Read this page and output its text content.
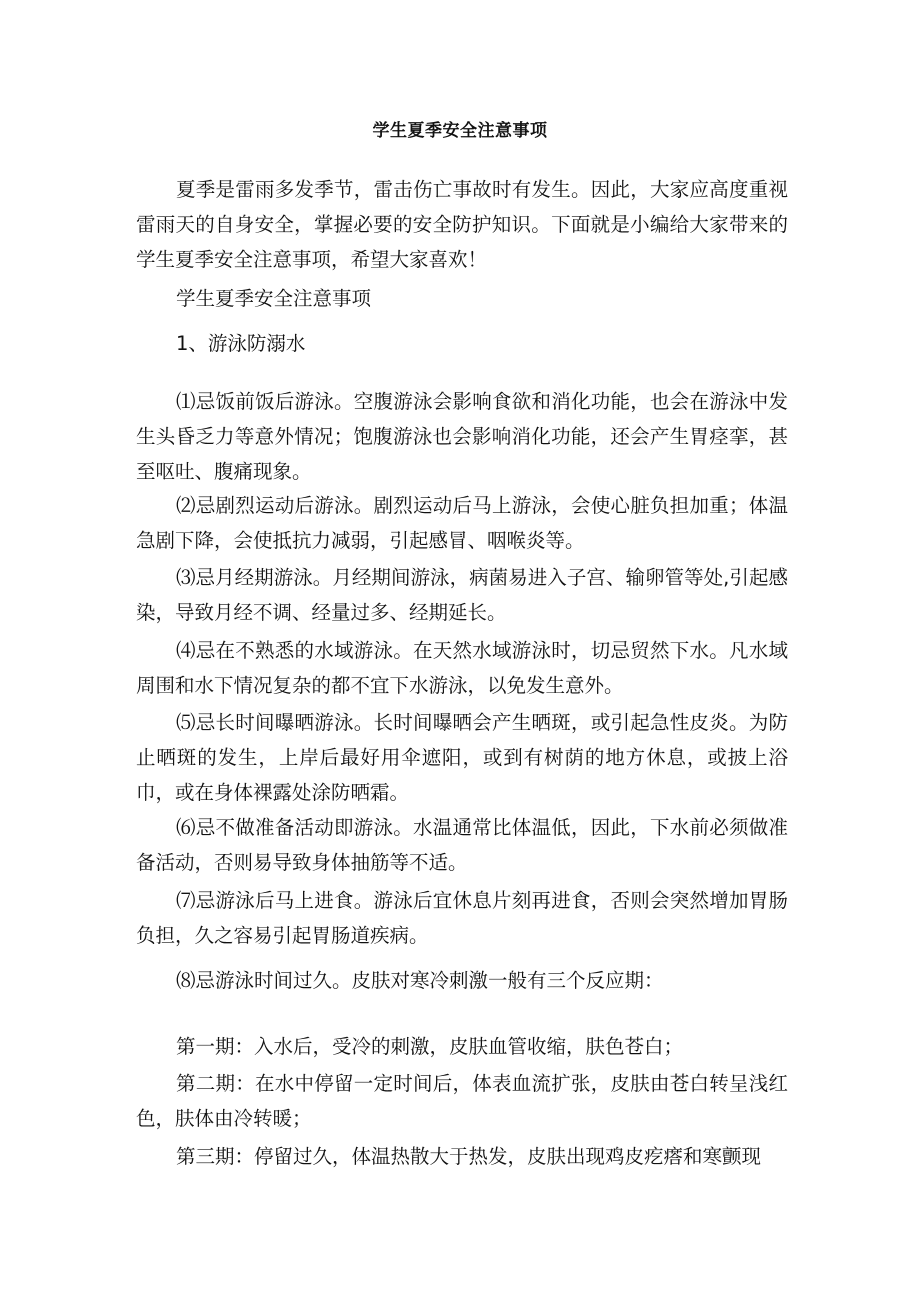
学生夏季安全注意事项

夏季是雷雨多发季节，雷击伤亡事故时有发生。因此，大家应高度重视雷雨天的自身安全，掌握必要的安全防护知识。下面就是小编给大家带来的学生夏季安全注意事项，希望大家喜欢！

学生夏季安全注意事项

1、游泳防溺水

⑴忌饭前饭后游泳。空腹游泳会影响食欲和消化功能，也会在游泳中发生头昏乏力等意外情况；饱腹游泳也会影响消化功能，还会产生胃痉挛，甚至呕吐、腹痛现象。

⑵忌剧烈运动后游泳。剧烈运动后马上游泳，会使心脏负担加重；体温急剧下降，会使抵抗力减弱，引起感冒、咽喉炎等。

⑶忌月经期游泳。月经期间游泳，病菌易进入子宫、输卵管等处,引起感染，导致月经不调、经量过多、经期延长。

⑷忌在不熟悉的水域游泳。在天然水域游泳时，切忌贸然下水。凡水域周围和水下情况复杂的都不宜下水游泳，以免发生意外。

⑸忌长时间曝晒游泳。长时间曝晒会产生晒斑，或引起急性皮炎。为防止晒斑的发生，上岸后最好用伞遮阳，或到有树荫的地方休息，或披上浴巾，或在身体裸露处涂防晒霜。

⑹忌不做准备活动即游泳。水温通常比体温低，因此，下水前必须做准备活动，否则易导致身体抽筋等不适。

⑺忌游泳后马上进食。游泳后宜休息片刻再进食，否则会突然增加胃肠负担，久之容易引起胃肠道疾病。

⑻忌游泳时间过久。皮肤对寒冷刺激一般有三个反应期：

第一期：入水后，受冷的刺激，皮肤血管收缩，肤色苍白；

第二期：在水中停留一定时间后，体表血流扩张，皮肤由苍白转呈浅红色，肤体由冷转暖；

第三期：停留过久，体温热散大于热发，皮肤出现鸡皮疙瘩和寒颤现
